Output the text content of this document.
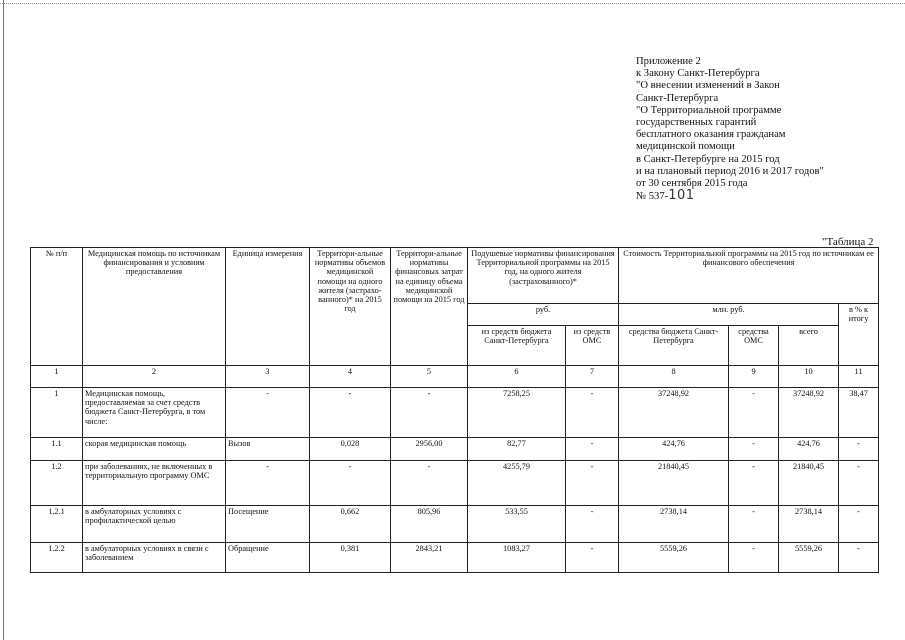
Приложение 2
к Закону Санкт-Петербурга
"О внесении изменений в Закон
Санкт-Петербурга
"О Территориальной программе
государственных гарантий
бесплатного оказания гражданам
медицинской помощи
в Санкт-Петербурге на 2015 год
и на плановый период 2016 и 2017 годов"
от 30 сентября 2015 года
№ 537-101
"Таблица 2
№ п/п	Медицинская помощь по источникам финансирования и условиям предоставления	Единица измерения	Территори-альные нормативы объемов медицинской помощи на одного жителя (застрахо-ванного)* на 2015 год	Территори-альные нормативы финансовых затрат на единицу объема медицинской помощи на 2015 год	Подушевые нормативы финансирования Территориальной программы на 2015 год, на одного жителя (застрахованного)*		Стоимость Территориальной программы на 2015 год по источникам ее финансового обеспечения			
					руб.		млн. руб.			в % к итогу
					из средств бюджета Санкт-Петербурга	из средств ОМС	средства бюджета Санкт-Петербурга	средства ОМС	всего	
1	2	3	4	5	6	7	8	9	10	11
1	Медицинская помощь, предоставляемая за счет средств бюджета Санкт-Петербурга, в том числе:	-	-	-	7258,25	-	37248,92	-	37248,92	38,47
1.1	скорая медицинская помощь	Вызов	0,028	2956,00	82,77	-	424,76	-	424,76	-
1.2	при заболеваниях, не включенных в территориальную программу ОМС	-	-	-	4255,79	-	21840,45	-	21840,45	-
1.2.1	в амбулаторных условиях с профилактической целью	Посещение	0,662	805,96	533,55	-	2738,14	-	2738,14	-
1.2.2	в амбулаторных условиях в связи с заболеванием	Обращение	0,381	2843,21	1083,27	-	5559,26	-	5559,26	-
